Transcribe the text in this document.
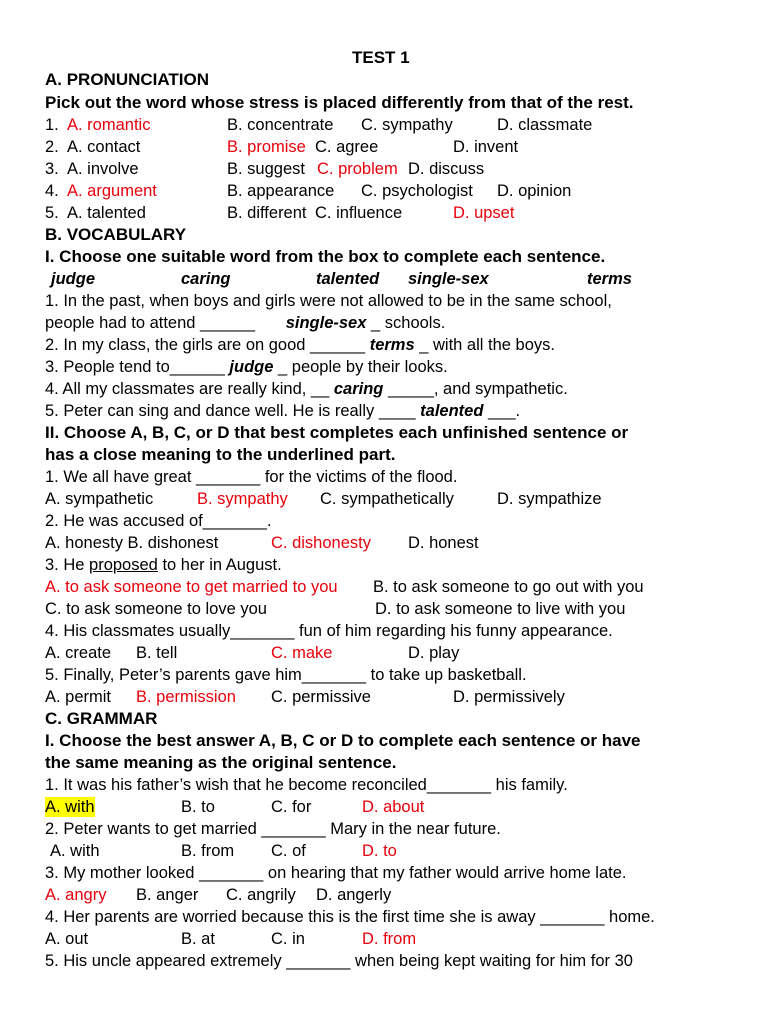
TEST 1
A. PRONUNCIATION
Pick out the word whose stress is placed differently from that of the rest.
1. A. romantic	B. concentrate C. sympathy	D. classmate
2. A. contact	B. promise C. agree	D. invent
3. A. involve	B. suggest C. problem D. discuss
4. A. argument	B. appearance C. psychologist D. opinion
5. A. talented	B. different C. influence	D. upset
B. VOCABULARY
I. Choose one suitable word from the box to complete each sentence.
judge	caring	talented single-sex	terms
1. In the past, when boys and girls were not allowed to be in the same school,
people had to attend ______ single-sex _ schools.
2. In my class, the girls are on good ______ terms _ with all the boys.
3. People tend to______ judge _ people by their looks.
4. All my classmates are really kind, __ caring _____, and sympathetic.
5. Peter can sing and dance well. He is really ____ talented ___.
II. Choose A, B, C, or D that best completes each unfinished sentence or
has a close meaning to the underlined part.
1. We all have great _______ for the victims of the flood.
A. sympathetic	B. sympathy C. sympathetically	D. sympathize
2. He was accused of_______.
A. honesty B. dishonest	C. dishonesty D. honest
3. He proposed to her in August.
A. to ask someone to get married to you B. to ask someone to go out with you
C. to ask someone to love you	D. to ask someone to live with you
4. His classmates usually_______ fun of him regarding his funny appearance.
A. create B. tell	C. make	D. play
5. Finally, Peter’s parents gave him_______ to take up basketball.
A. permit B. permission C. permissive	D. permissively
C. GRAMMAR
I. Choose the best answer A, B, C or D to complete each sentence or have
the same meaning as the original sentence.
1. It was his father’s wish that he become reconciled_______ his family.
A. with	B. to	C. for	D. about
2. Peter wants to get married _______ Mary in the near future.
A. with	B. from C. of	D. to
3. My mother looked _______ on hearing that my father would arrive home late.
A. angry B. anger C. angrily D. angerly
4. Her parents are worried because this is the first time she is away _______ home.
A. out	B. at	C. in	D. from
5. His uncle appeared extremely _______ when being kept waiting for him for 30
